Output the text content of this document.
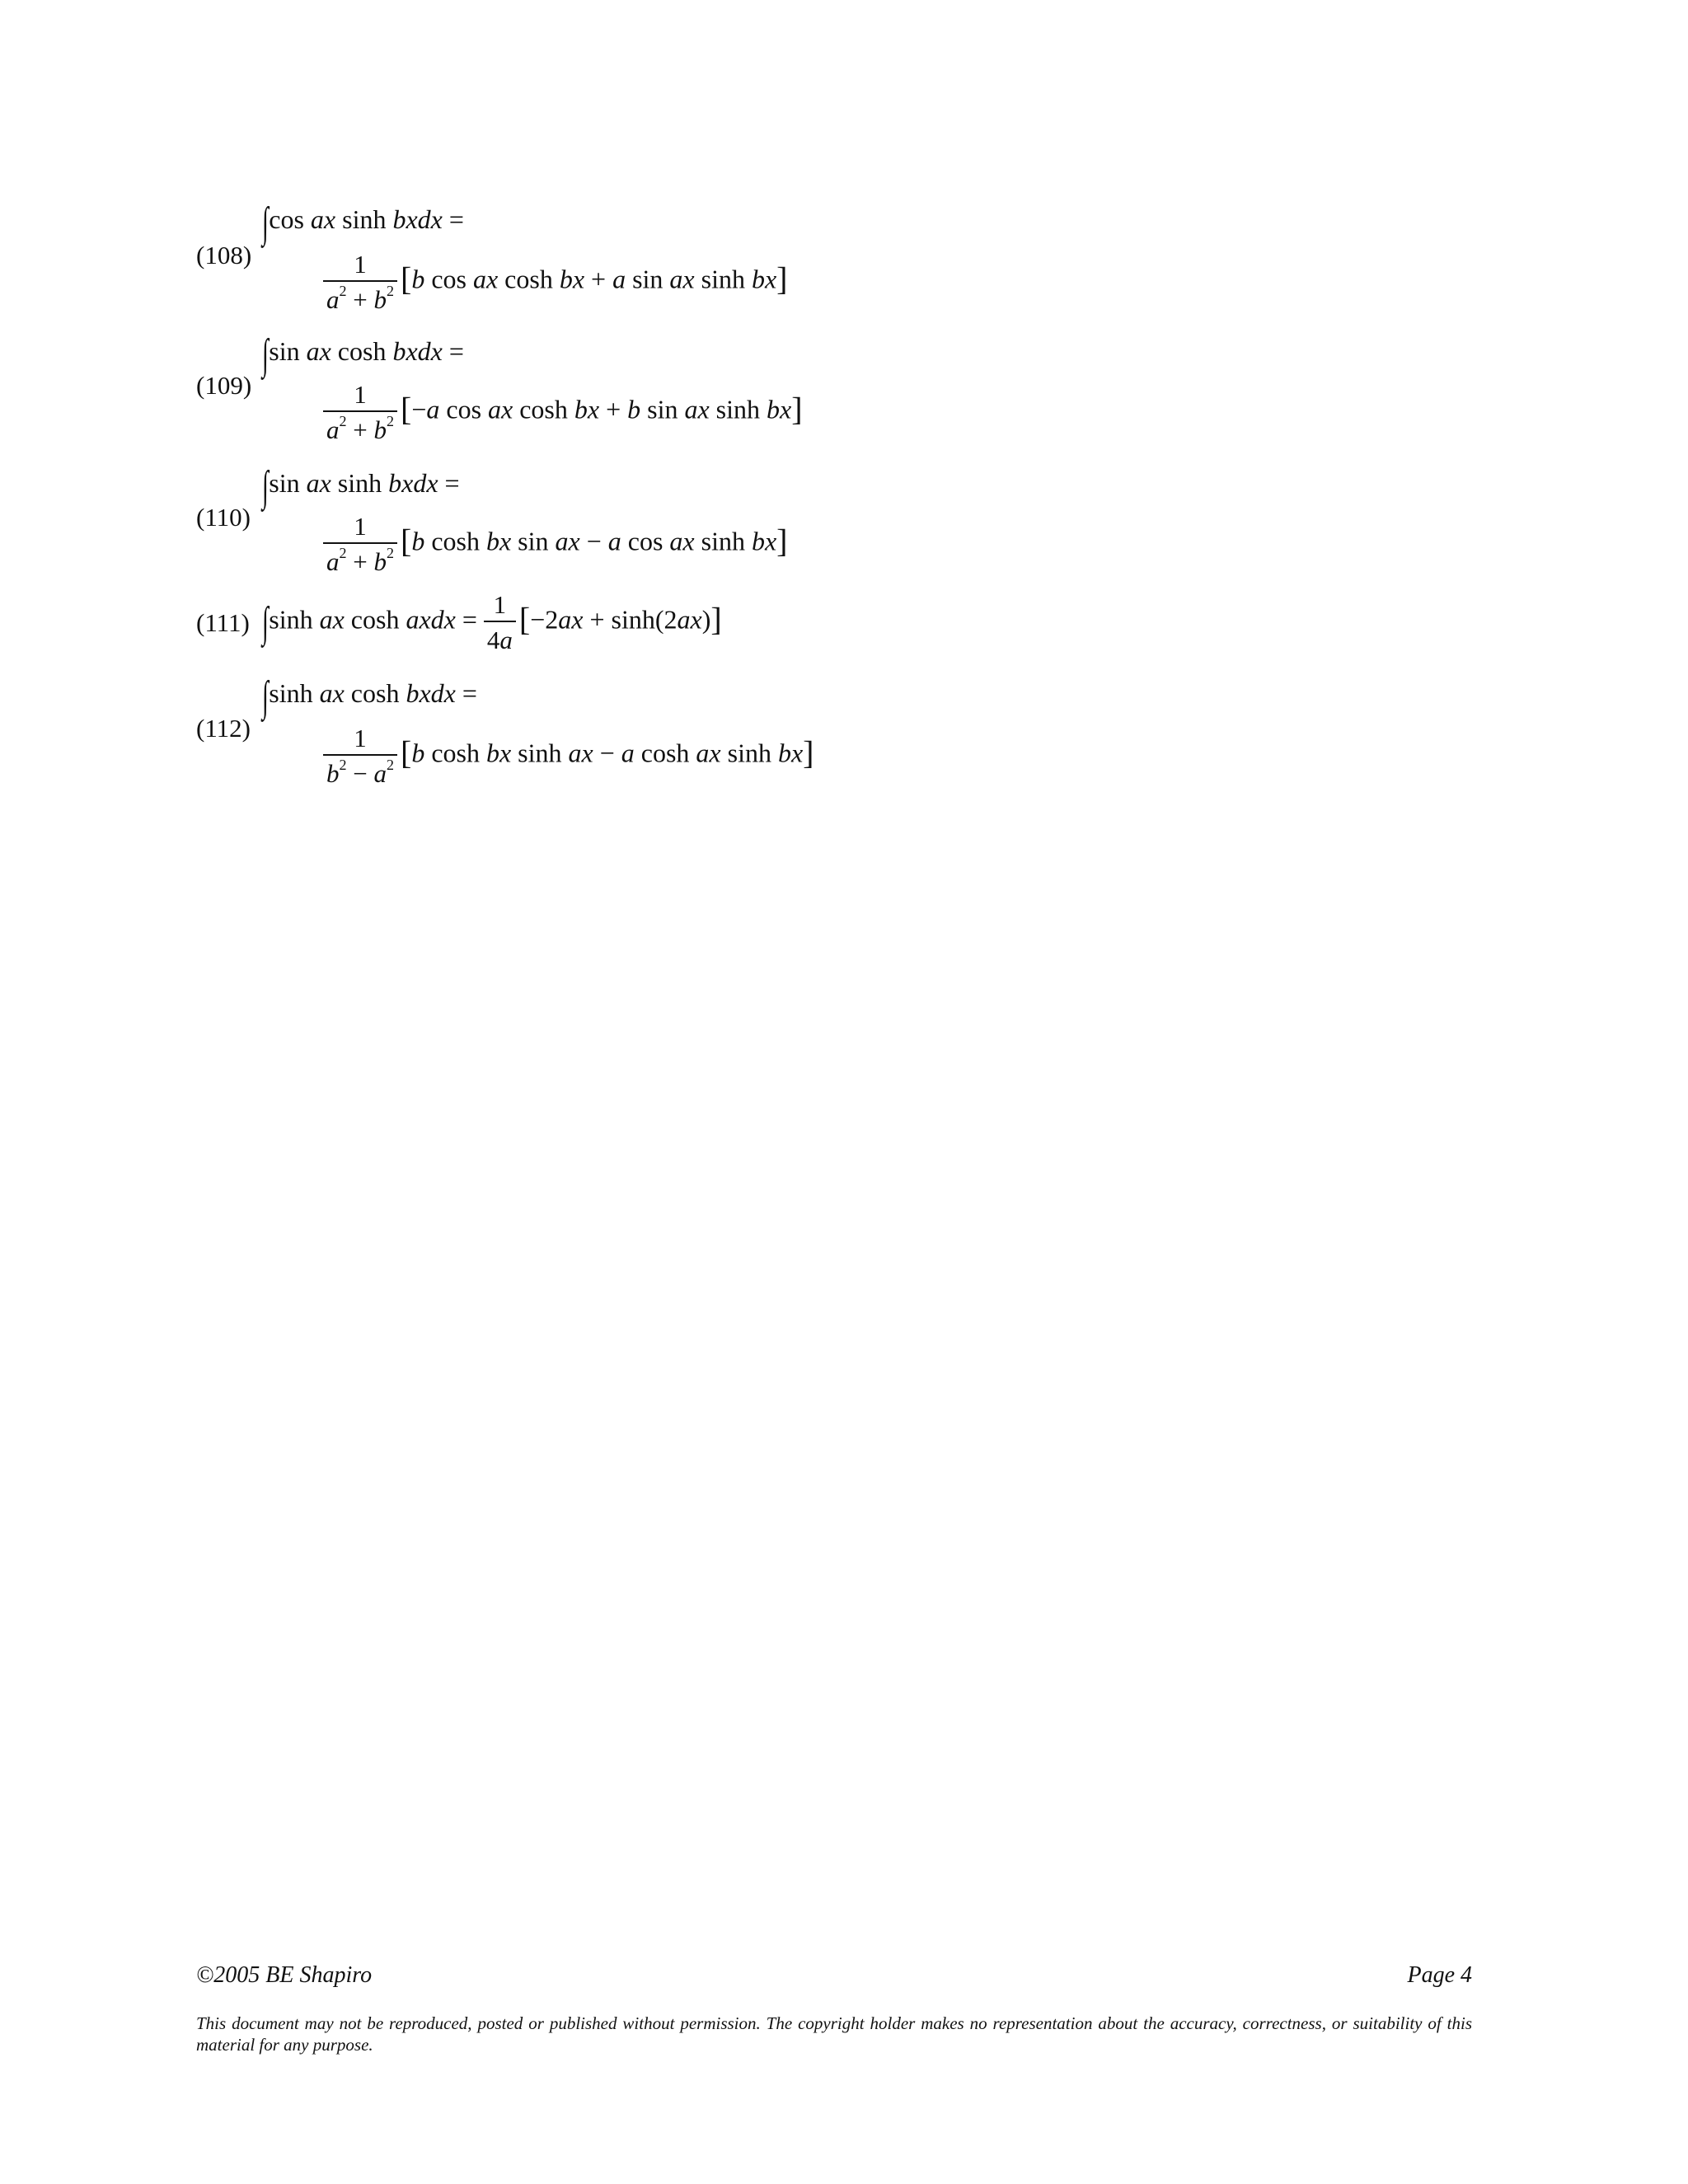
(108)
∫ cos ax sinh bxdx =
$\frac{1}{a^2 + b^2} [b$ cos ax cosh bx + a sin ax sinh bx]
(109)
∫ sin ax cosh bxdx =
$\frac{1}{a^2 + b^2} [-a$ cos ax cosh bx + b sin ax sinh bx]
(110)
∫ sin ax sinh bxdx =
$\frac{1}{a^2 + b^2} [b$ cosh bx sin ax − a cos ax sinh bx]
(111) ∫ sinh ax cosh axdx = $\frac{1}{4a} [-2ax + \sinh(2ax)]$
(112)
∫ sinh ax cosh bxdx =
$\frac{1}{b^2 - a^2} [b$ cosh bx sinh ax − a cosh ax sinh bx]
©2005 BE Shapiro	Page 4
This document may not be reproduced, posted or published without permission. The copyright holder makes no representation about the accuracy, correctness, or suitability of this material for any purpose.
